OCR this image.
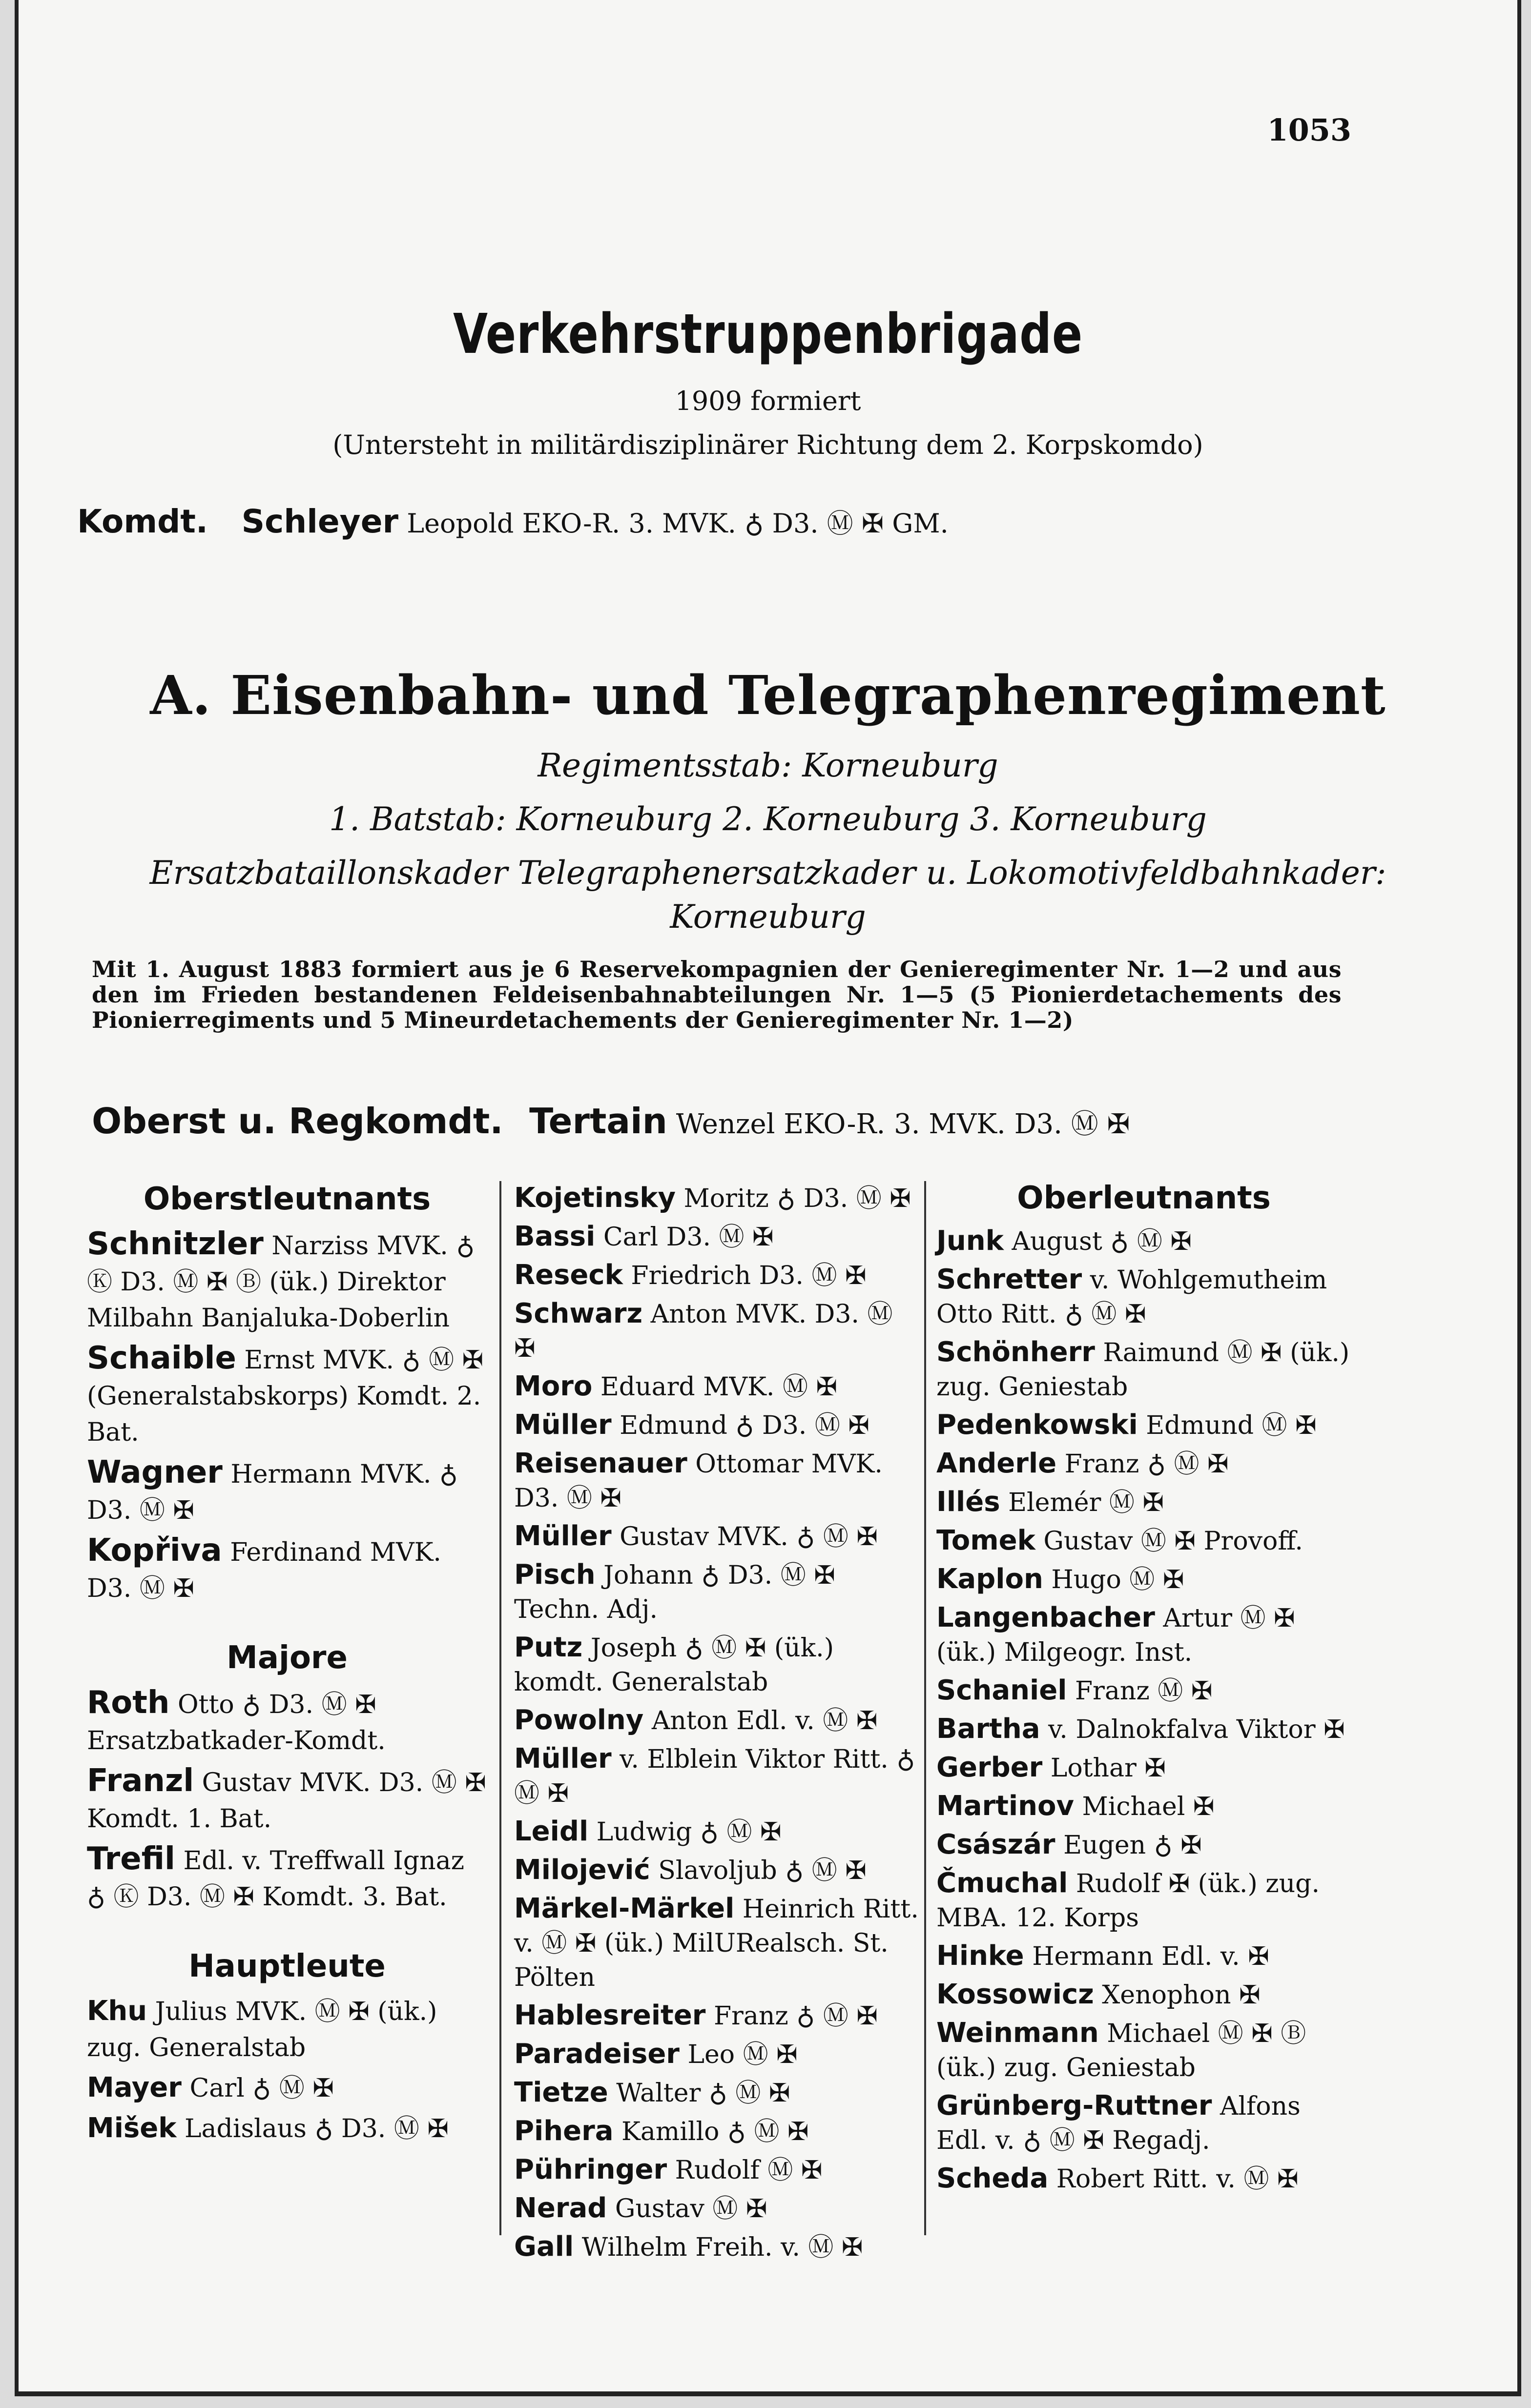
1053
Verkehrstruppenbrigade
1909 formiert
(Untersteht in militärdisziplinärer Richtung dem 2. Korpskomdo)
Komdt. Schleyer Leopold EKO-R. 3. MVK. ♁ D3. Ⓜ ✠ GM.
A. Eisenbahn- und Telegraphenregiment
Regimentsstab: Korneuburg
1. Batstab: Korneuburg 2. Korneuburg 3. Korneuburg
Ersatzbataillonskader Telegraphenersatzkader u. Lokomotivfeldbahnkader:
Korneuburg
Mit 1. August 1883 formiert aus je 6 Reservekompagnien der Genieregimenter Nr. 1—2 und aus den im Frieden bestandenen Feldeisenbahnabteilungen Nr. 1—5 (5 Pionierdetachements des Pionierregiments und 5 Mineurdetachements der Genieregimenter Nr. 1—2)
Oberst u. Regkomdt. Tertain Wenzel EKO-R. 3. MVK. D3. Ⓜ ✠
Oberstleutnants
Schnitzler Narziss MVK. ♁ Ⓚ D3. Ⓜ ✠ Ⓑ (ük.) Direktor Milbahn Banjaluka-Doberlin
Schaible Ernst MVK. ♁ Ⓜ ✠ (Generalstabskorps) Komdt. 2. Bat.
Wagner Hermann MVK. ♁ D3. Ⓜ ✠
Kopřiva Ferdinand MVK. D3. Ⓜ ✠
Majore
Roth Otto ♁ D3. Ⓜ ✠ Ersatzbatkader-Komdt.
Franzl Gustav MVK. D3. Ⓜ ✠ Komdt. 1. Bat.
Trefil Edl. v. Treffwall Ignaz ♁ Ⓚ D3. Ⓜ ✠ Komdt. 3. Bat.
Hauptleute
Khu Julius MVK. Ⓜ ✠ (ük.) zug. Generalstab
Mayer Carl ♁ Ⓜ ✠
Mišek Ladislaus ♁ D3. Ⓜ ✠
Kojetinsky Moritz ♁ D3. Ⓜ ✠
Bassi Carl D3. Ⓜ ✠
Reseck Friedrich D3. Ⓜ ✠
Schwarz Anton MVK. D3. Ⓜ ✠
Moro Eduard MVK. Ⓜ ✠
Müller Edmund ♁ D3. Ⓜ ✠
Reisenauer Ottomar MVK. D3. Ⓜ ✠
Müller Gustav MVK. ♁ Ⓜ ✠
Pisch Johann ♁ D3. Ⓜ ✠ Techn. Adj.
Putz Joseph ♁ Ⓜ ✠ (ük.) komdt. Generalstab
Powolny Anton Edl. v. Ⓜ ✠
Müller v. Elblein Viktor Ritt. ♁ Ⓜ ✠
Leidl Ludwig ♁ Ⓜ ✠
Milojević Slavoljub ♁ Ⓜ ✠
Märkel-Märkel Heinrich Ritt. v. Ⓜ ✠ (ük.) MilURealsch. St. Pölten
Hablesreiter Franz ♁ Ⓜ ✠
Paradeiser Leo Ⓜ ✠
Tietze Walter ♁ Ⓜ ✠
Pihera Kamillo ♁ Ⓜ ✠
Pühringer Rudolf Ⓜ ✠
Nerad Gustav Ⓜ ✠
Gall Wilhelm Freih. v. Ⓜ ✠
Oberleutnants
Junk August ♁ Ⓜ ✠
Schretter v. Wohlgemutheim Otto Ritt. ♁ Ⓜ ✠
Schönherr Raimund Ⓜ ✠ (ük.) zug. Geniestab
Pedenkowski Edmund Ⓜ ✠
Anderle Franz ♁ Ⓜ ✠
Illés Elemér Ⓜ ✠
Tomek Gustav Ⓜ ✠ Provoff.
Kaplon Hugo Ⓜ ✠
Langenbacher Artur Ⓜ ✠ (ük.) Milgeogr. Inst.
Schaniel Franz Ⓜ ✠
Bartha v. Dalnokfalva Viktor ✠
Gerber Lothar ✠
Martinov Michael ✠
Császár Eugen ♁ ✠
Čmuchal Rudolf ✠ (ük.) zug. MBA. 12. Korps
Hinke Hermann Edl. v. ✠
Kossowicz Xenophon ✠
Weinmann Michael Ⓜ ✠ Ⓑ (ük.) zug. Geniestab
Grünberg-Ruttner Alfons Edl. v. ♁ Ⓜ ✠ Regadj.
Scheda Robert Ritt. v. Ⓜ ✠
